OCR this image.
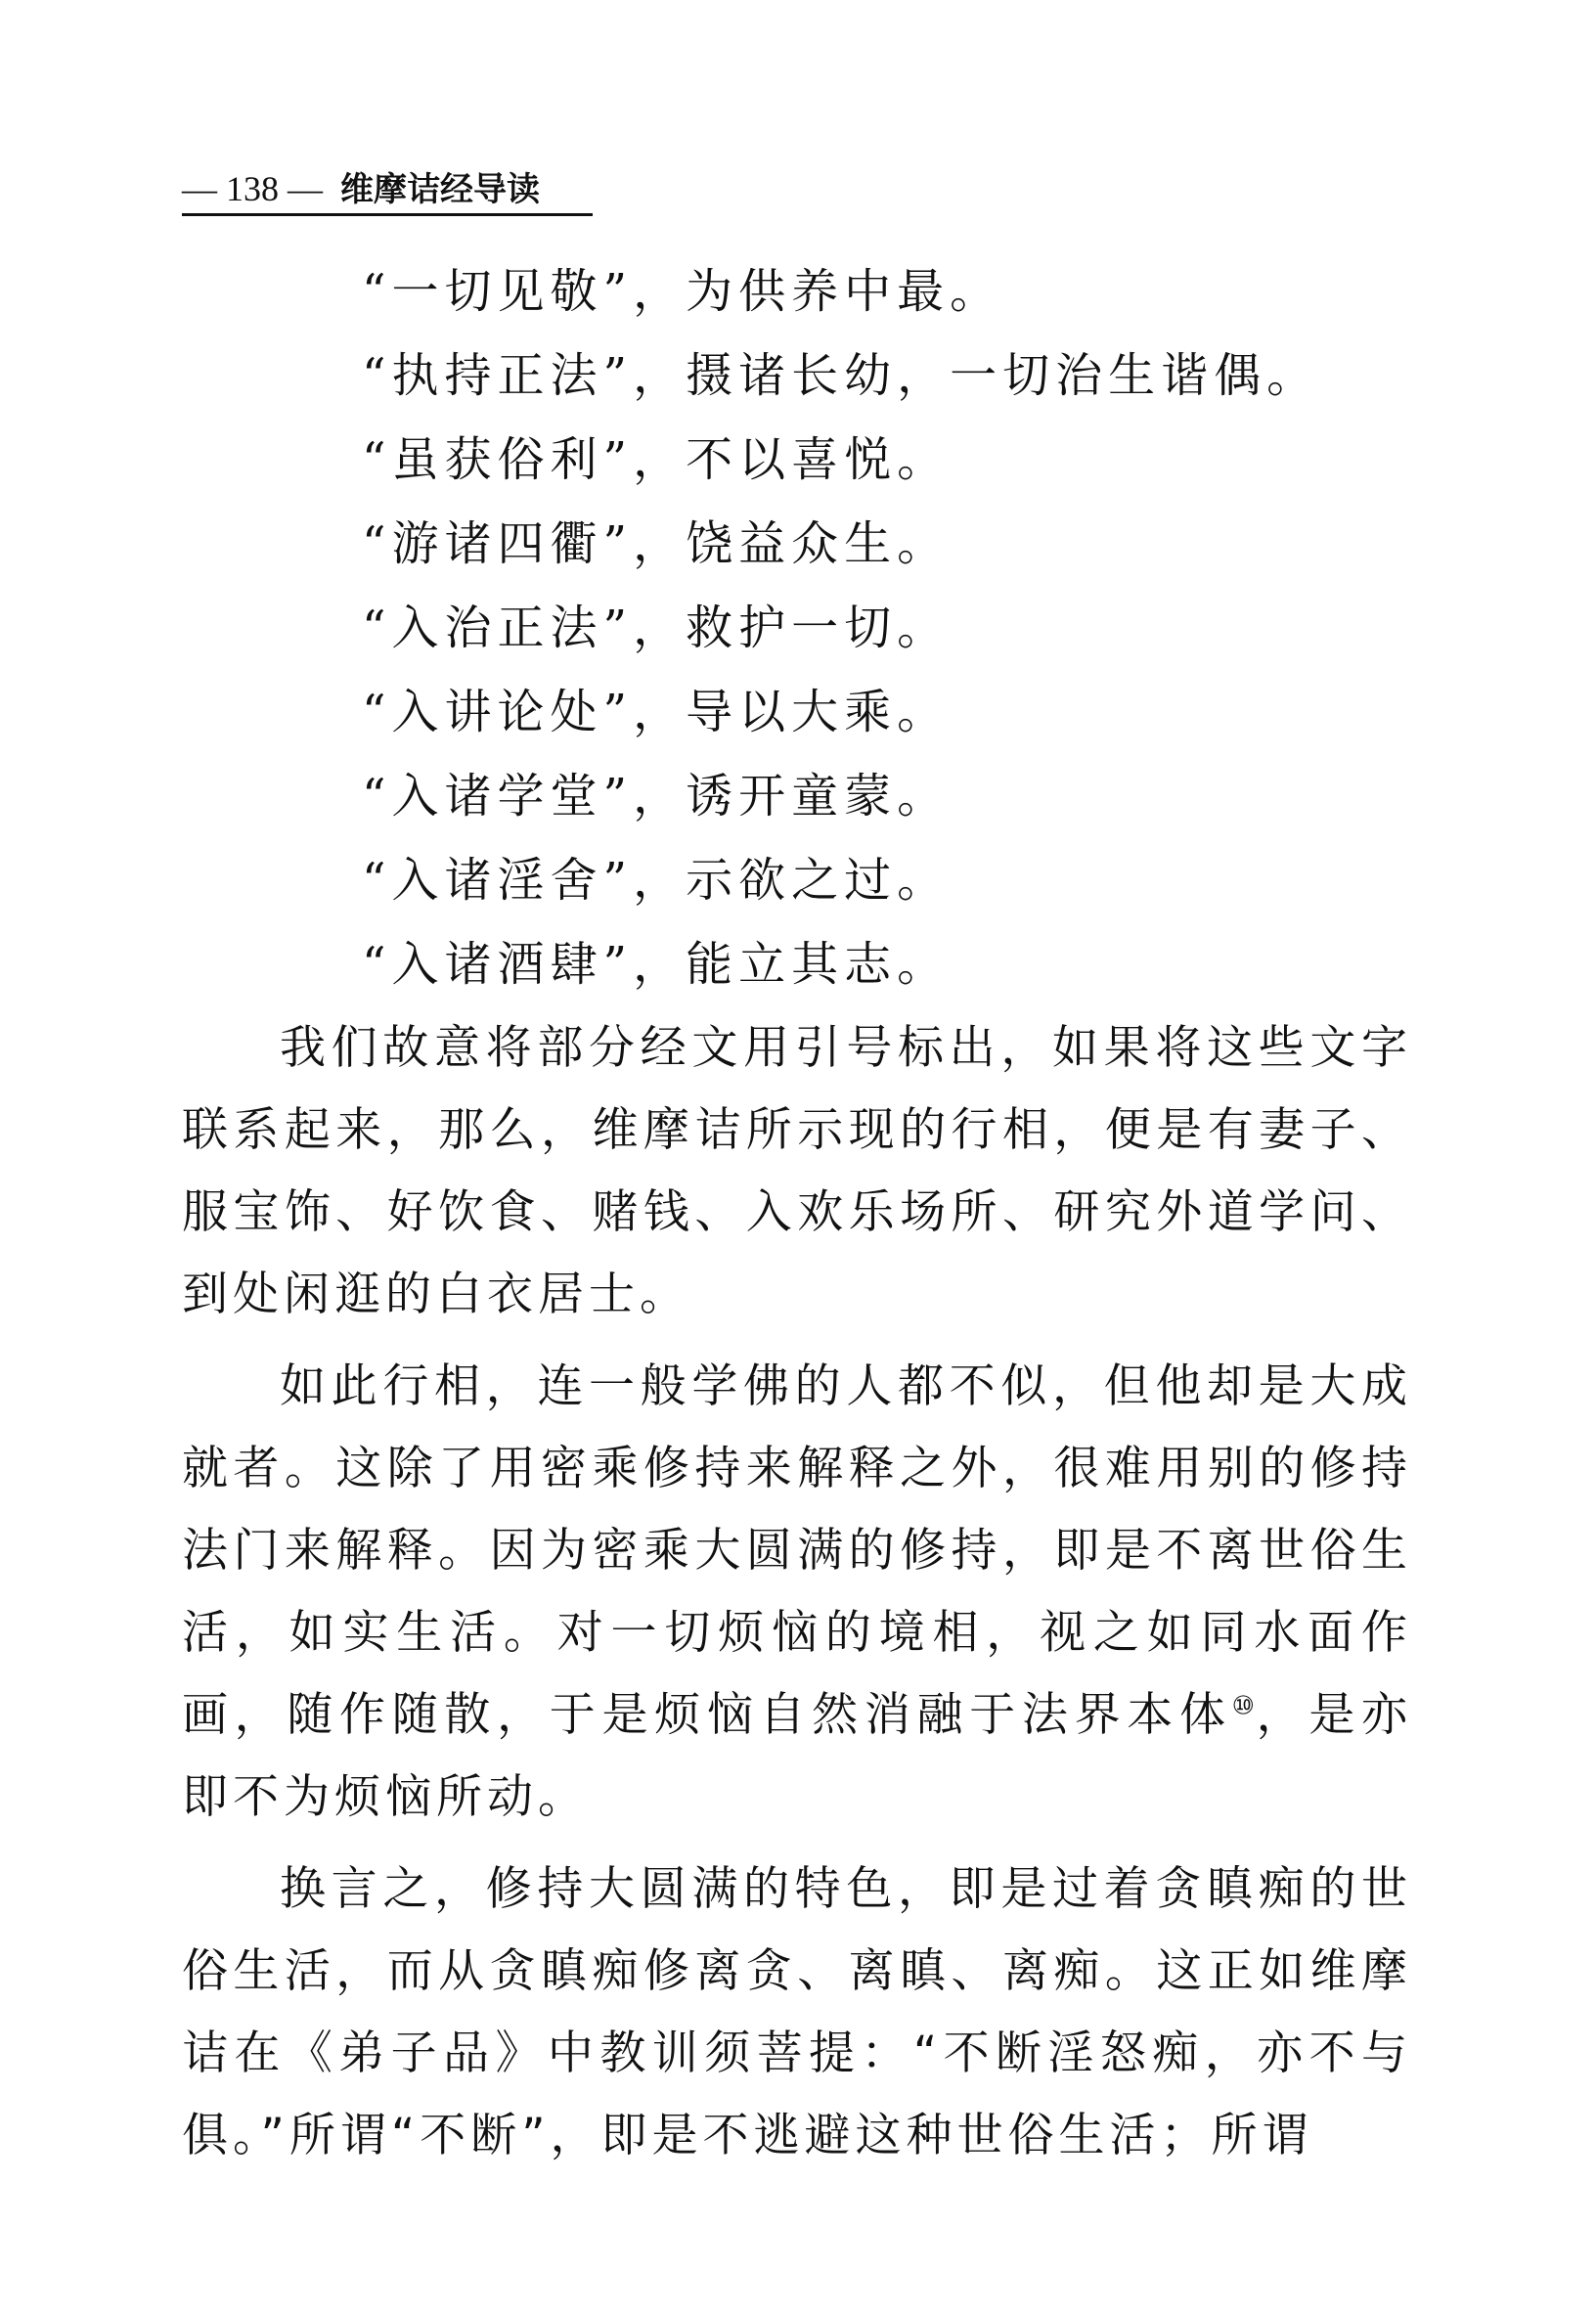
— 138 — 维摩诘经导读
“一切见敬”，为供养中最。
“执持正法”，摄诸长幼，一切治生谐偶。
“虽获俗利”，不以喜悦。
“游诸四衢”，饶益众生。
“入治正法”，救护一切。
“入讲论处”，导以大乘。
“入诸学堂”，诱开童蒙。
“入诸淫舍”，示欲之过。
“入诸酒肆”，能立其志。

我们故意将部分经文用引号标出，如果将这些文字联系起来，那么，维摩诘所示现的行相，便是有妻子、服宝饰、好饮食、赌钱、入欢乐场所、研究外道学问、到处闲逛的白衣居士。

如此行相，连一般学佛的人都不似，但他却是大成就者。这除了用密乘修持来解释之外，很难用别的修持法门来解释。因为密乘大圆满的修持，即是不离世俗生活，如实生活。对一切烦恼的境相，视之如同水面作画，随作随散，于是烦恼自然消融于法界本体⑩，是亦即不为烦恼所动。

换言之，修持大圆满的特色，即是过着贪瞋痴的世俗生活，而从贪瞋痴修离贪、离瞋、离痴。这正如维摩诘在《弟子品》中教训须菩提：“不断淫怒痴，亦不与俱。”所谓“不断”，即是不逃避这种世俗生活；所谓
